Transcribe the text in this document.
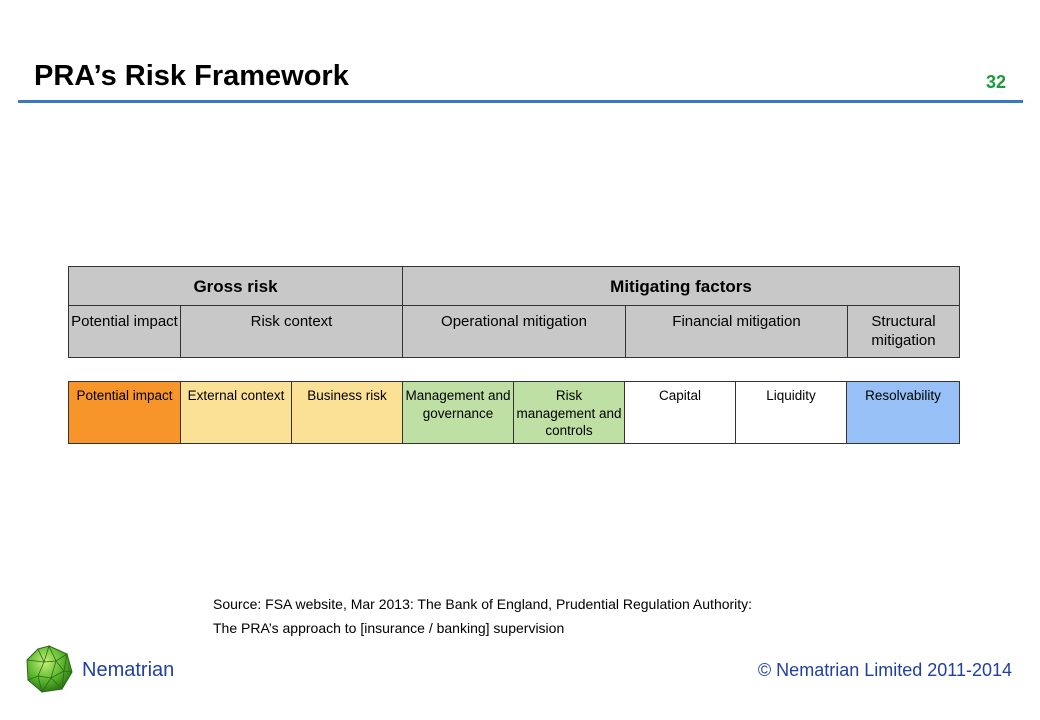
PRA’s Risk Framework	32
Gross risk		Mitigating factors		
Potential impact	Risk context	Operational mitigation	Financial mitigation	Structural mitigation
Potential impact	External context	Business risk	Management and governance	Risk management and controls	Capital	Liquidity	Resolvability
Source: FSA website, Mar 2013: The Bank of England, Prudential Regulation Authority:
The PRA’s approach to [insurance / banking] supervision
Nematrian	© Nematrian Limited 2011-2014
